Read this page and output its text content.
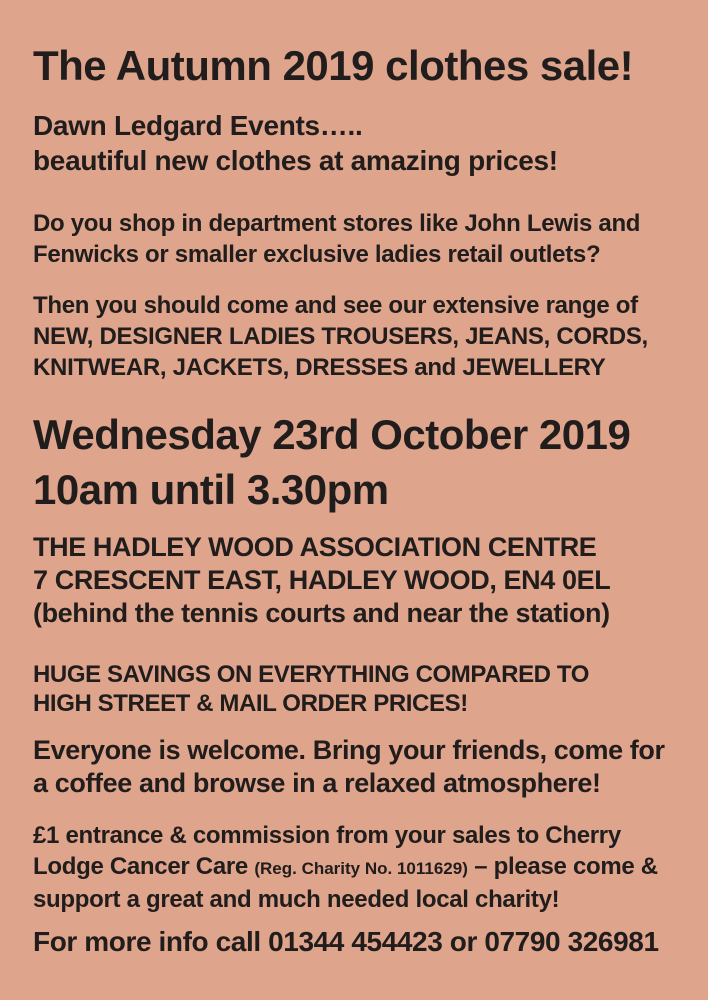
The Autumn 2019 clothes sale!
Dawn Ledgard Events…..
beautiful new clothes at amazing prices!
Do you shop in department stores like John Lewis and
Fenwicks or smaller exclusive ladies retail outlets?
Then you should come and see our extensive range of
NEW, DESIGNER LADIES TROUSERS, JEANS, CORDS,
KNITWEAR, JACKETS, DRESSES and JEWELLERY
Wednesday 23rd October 2019
10am until 3.30pm
THE HADLEY WOOD ASSOCIATION CENTRE
7 CRESCENT EAST, HADLEY WOOD, EN4 0EL
(behind the tennis courts and near the station)
HUGE SAVINGS ON EVERYTHING COMPARED TO
HIGH STREET & MAIL ORDER PRICES!
Everyone is welcome. Bring your friends, come for
a coffee and browse in a relaxed atmosphere!
£1 entrance & commission from your sales to Cherry
Lodge Cancer Care (Reg. Charity No. 1011629) – please come &
support a great and much needed local charity!
For more info call 01344 454423 or 07790 326981
